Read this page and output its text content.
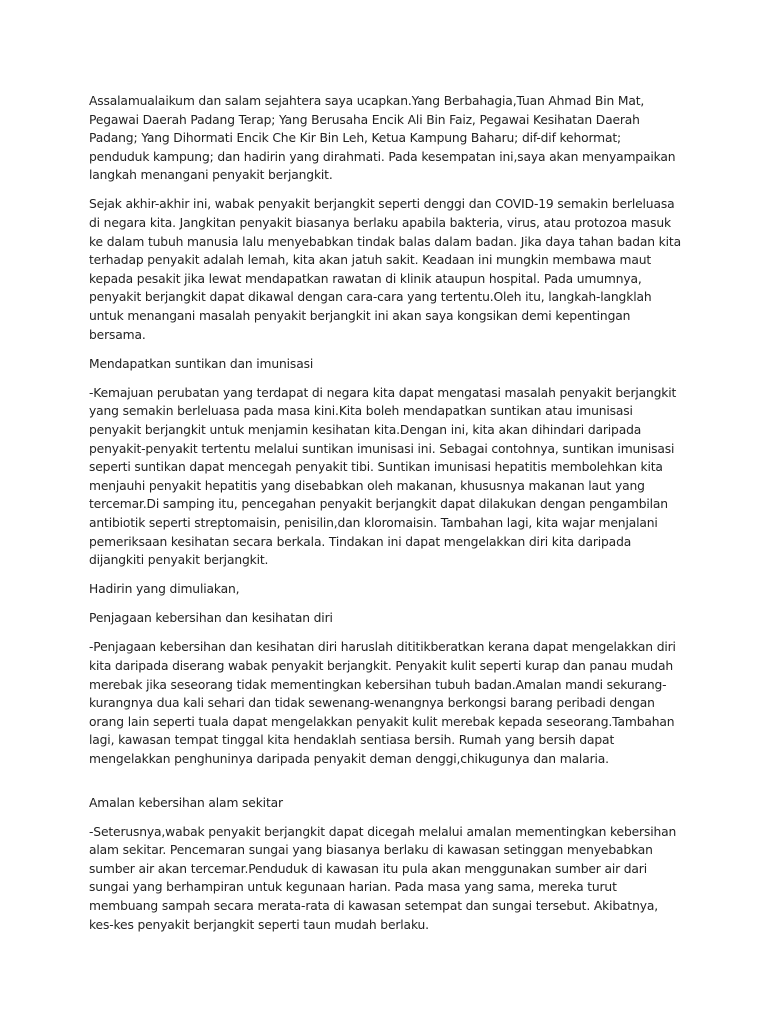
Assalamualaikum dan salam sejahtera saya ucapkan.Yang Berbahagia,Tuan Ahmad Bin Mat, Pegawai Daerah Padang Terap; Yang Berusaha Encik Ali Bin Faiz, Pegawai Kesihatan Daerah Padang; Yang Dihormati Encik Che Kir Bin Leh, Ketua Kampung Baharu; dif-dif kehormat; penduduk kampung; dan hadirin yang dirahmati. Pada kesempatan ini,saya akan menyampaikan langkah menangani penyakit berjangkit.

Sejak akhir-akhir ini, wabak penyakit berjangkit seperti denggi dan COVID-19 semakin berleluasa di negara kita. Jangkitan penyakit biasanya berlaku apabila bakteria, virus, atau protozoa masuk ke dalam tubuh manusia lalu menyebabkan tindak balas dalam badan. Jika daya tahan badan kita terhadap penyakit adalah lemah, kita akan jatuh sakit. Keadaan ini mungkin membawa maut kepada pesakit jika lewat mendapatkan rawatan di klinik ataupun hospital. Pada umumnya, penyakit berjangkit dapat dikawal dengan cara-cara yang tertentu.Oleh itu, langkah-langklah untuk menangani masalah penyakit berjangkit ini akan saya kongsikan demi kepentingan bersama.

Mendapatkan suntikan dan imunisasi

-Kemajuan perubatan yang terdapat di negara kita dapat mengatasi masalah penyakit berjangkit yang semakin berleluasa pada masa kini.Kita boleh mendapatkan suntikan atau imunisasi penyakit berjangkit untuk menjamin kesihatan kita.Dengan ini, kita akan dihindari daripada penyakit-penyakit tertentu melalui suntikan imunisasi ini. Sebagai contohnya, suntikan imunisasi seperti suntikan dapat mencegah penyakit tibi. Suntikan imunisasi hepatitis membolehkan kita menjauhi penyakit hepatitis yang disebabkan oleh makanan, khususnya makanan laut yang tercemar.Di samping itu, pencegahan penyakit berjangkit dapat dilakukan dengan pengambilan antibiotik seperti streptomaisin, penisilin,dan kloromaisin. Tambahan lagi, kita wajar menjalani pemeriksaan kesihatan secara berkala. Tindakan ini dapat mengelakkan diri kita daripada dijangkiti penyakit berjangkit.

Hadirin yang dimuliakan,

Penjagaan kebersihan dan kesihatan diri

-Penjagaan kebersihan dan kesihatan diri haruslah dititikberatkan kerana dapat mengelakkan diri kita daripada diserang wabak penyakit berjangkit. Penyakit kulit seperti kurap dan panau mudah merebak jika seseorang tidak mementingkan kebersihan tubuh badan.Amalan mandi sekurang-kurangnya dua kali sehari dan tidak sewenang-wenangnya berkongsi barang peribadi dengan orang lain seperti tuala dapat mengelakkan penyakit kulit merebak kepada seseorang.Tambahan lagi, kawasan tempat tinggal kita hendaklah sentiasa bersih. Rumah yang bersih dapat mengelakkan penghuninya daripada penyakit deman denggi,chikugunya dan malaria.

Amalan kebersihan alam sekitar

-Seterusnya,wabak penyakit berjangkit dapat dicegah melalui amalan mementingkan kebersihan alam sekitar. Pencemaran sungai yang biasanya berlaku di kawasan setinggan menyebabkan sumber air akan tercemar.Penduduk di kawasan itu pula akan menggunakan sumber air dari sungai yang berhampiran untuk kegunaan harian. Pada masa yang sama, mereka turut membuang sampah secara merata-rata di kawasan setempat dan sungai tersebut. Akibatnya, kes-kes penyakit berjangkit seperti taun mudah berlaku.
